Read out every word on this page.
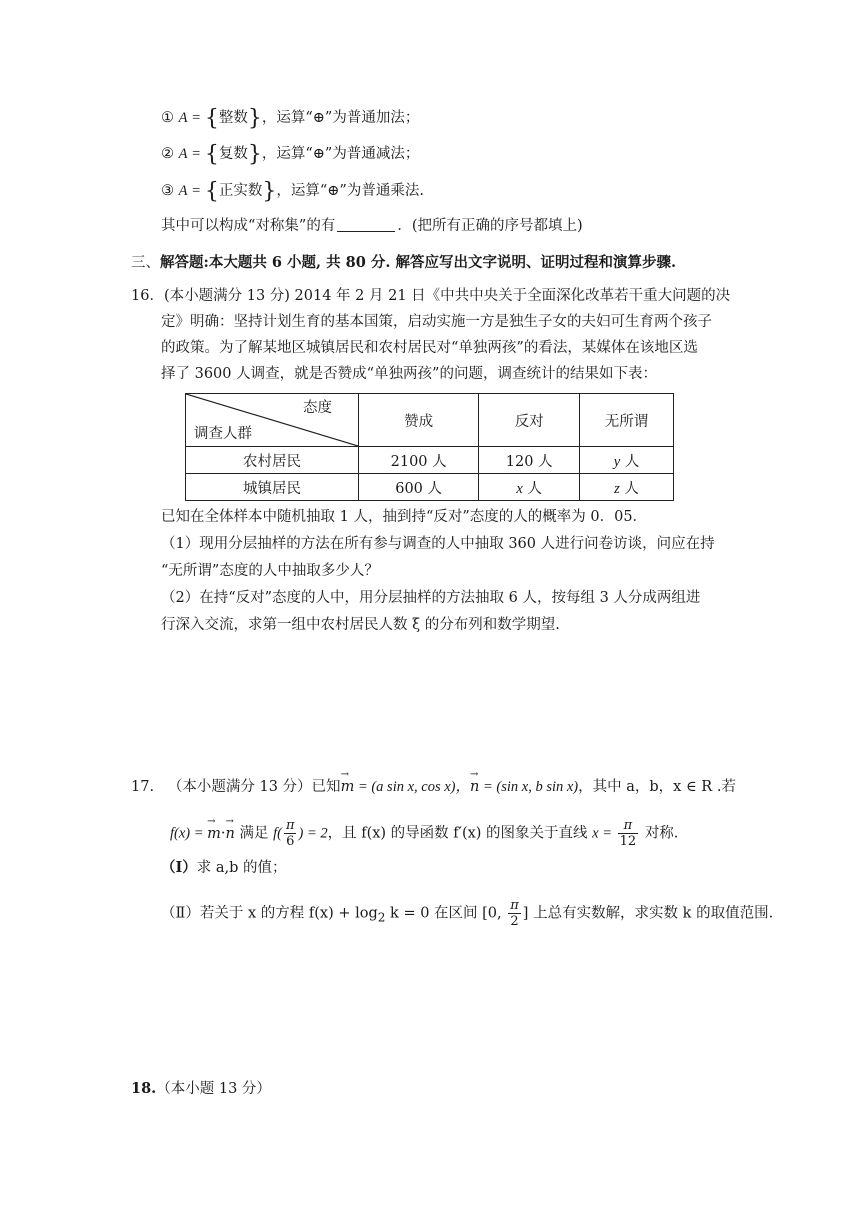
① A = {整数}，运算“⊕”为普通加法；
② A = {复数}，运算“⊕”为普通减法；
③ A = {正实数}，运算“⊕”为普通乘法.
其中可以构成“对称集”的有	．(把所有正确的序号都填上)
三、解答题:本大题共 6 小题, 共 80 分. 解答应写出文字说明、证明过程和演算步骤.
16．(本小题满分 13 分) 2014 年 2 月 21 日《中共中央关于全面深化改革若干重大问题的决
定》明确：坚持计划生育的基本国策，启动实施一方是独生子女的夫妇可生育两个孩子
的政策。为了解某地区城镇居民和农村居民对“单独两孩”的看法，某媒体在该地区选
择了 3600 人调查，就是否赞成“单独两孩”的问题，调查统计的结果如下表：
态度
调查人群	赞成	反对	无所谓
农村居民	2100 人	120 人	y 人
城镇居民	600 人	x 人	z 人
已知在全体样本中随机抽取 1 人，抽到持“反对”态度的人的概率为 0．05．
（1）现用分层抽样的方法在所有参与调查的人中抽取 360 人进行问卷访谈，问应在持
“无所谓”态度的人中抽取多少人？
（2）在持“反对”态度的人中，用分层抽样的方法抽取 6 人，按每组 3 人分成两组进
行深入交流，求第一组中农村居民人数 ξ 的分布列和数学期望.
17. （本小题满分 13 分）已知→ m = (a sin x, cos x)，→ n = (sin x, b sin x)，其中 a，b，x ∈ R .若
f(x) = → m·→ n 满足 $f( \frac{\pi}{6}$ ) = 2，且 f(x) 的导函数 f′(x) 的图象关于直线 $x = \frac{\pi}{12}$ 对称.
（Ⅰ）求 a,b 的值；
（Ⅱ）若关于 x 的方程 $f(x) + \log_2 k = 0$ 在区间 [0, $\frac{\pi}{2}$ ] 上总有实数解，求实数 k 的取值范围.
18.（本小题 13 分）
